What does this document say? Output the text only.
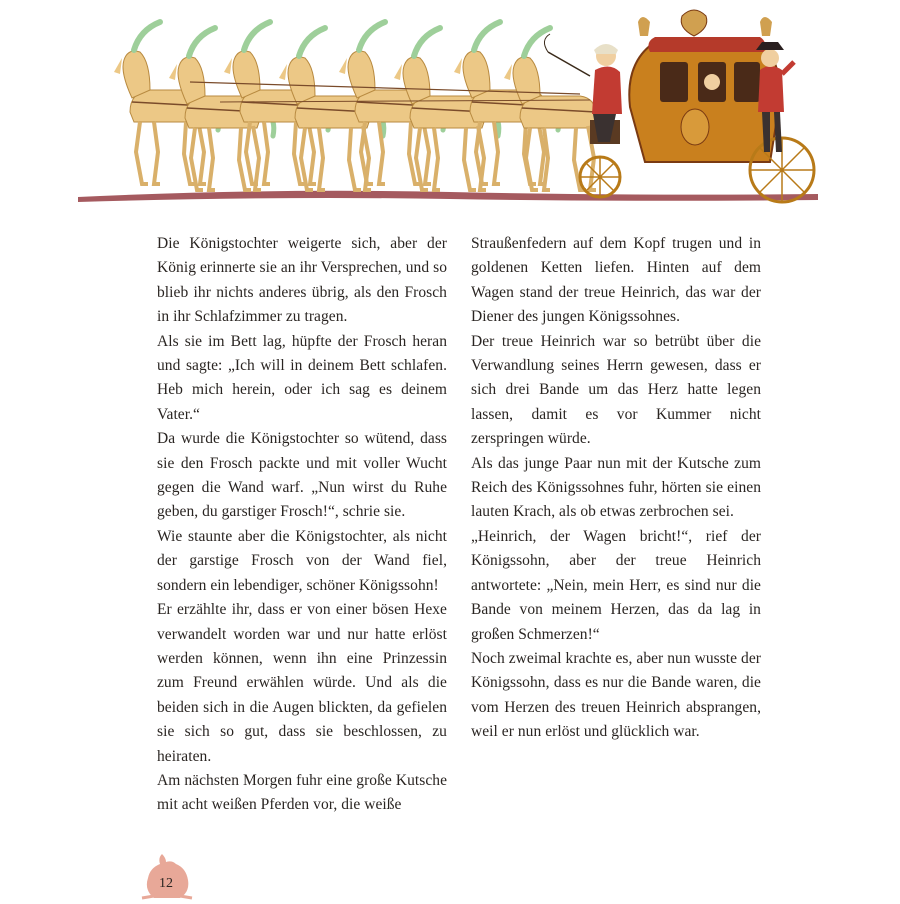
Die Königstochter weigerte sich, aber der König erinnerte sie an ihr Versprechen, und so blieb ihr nichts anderes übrig, als den Frosch in ihr Schlafzimmer zu tragen.

Als sie im Bett lag, hüpfte der Frosch heran und sagte: „Ich will in deinem Bett schlafen. Heb mich herein, oder ich sag es deinem Vater.“

Da wurde die Königstochter so wütend, dass sie den Frosch packte und mit voller Wucht gegen die Wand warf. „Nun wirst du Ruhe geben, du garstiger Frosch!“, schrie sie.

Wie staunte aber die Königstochter, als nicht der garstige Frosch von der Wand fiel, sondern ein lebendiger, schöner Königssohn!

Er erzählte ihr, dass er von einer bösen Hexe verwandelt worden war und nur hatte erlöst werden können, wenn ihn eine Prinzessin zum Freund erwählen würde. Und als die beiden sich in die Augen blickten, da gefielen sie sich so gut, dass sie beschlossen, zu heiraten.

Am nächsten Morgen fuhr eine große Kutsche mit acht weißen Pferden vor, die weiße

Straußenfedern auf dem Kopf trugen und in goldenen Ketten liefen. Hinten auf dem Wagen stand der treue Heinrich, das war der Diener des jungen Königssohnes.

Der treue Heinrich war so betrübt über die Verwandlung seines Herrn gewesen, dass er sich drei Bande um das Herz hatte legen lassen, damit es vor Kummer nicht zerspringen würde.

Als das junge Paar nun mit der Kutsche zum Reich des Königssohnes fuhr, hörten sie einen lauten Krach, als ob etwas zerbrochen sei.

„Heinrich, der Wagen bricht!“, rief der Königssohn, aber der treue Heinrich antwortete: „Nein, mein Herr, es sind nur die Bande von meinem Herzen, das da lag in großen Schmerzen!“

Noch zweimal krachte es, aber nun wusste der Königssohn, dass es nur die Bande waren, die vom Herzen des treuen Heinrich absprangen, weil er nun erlöst und glücklich war.

12
